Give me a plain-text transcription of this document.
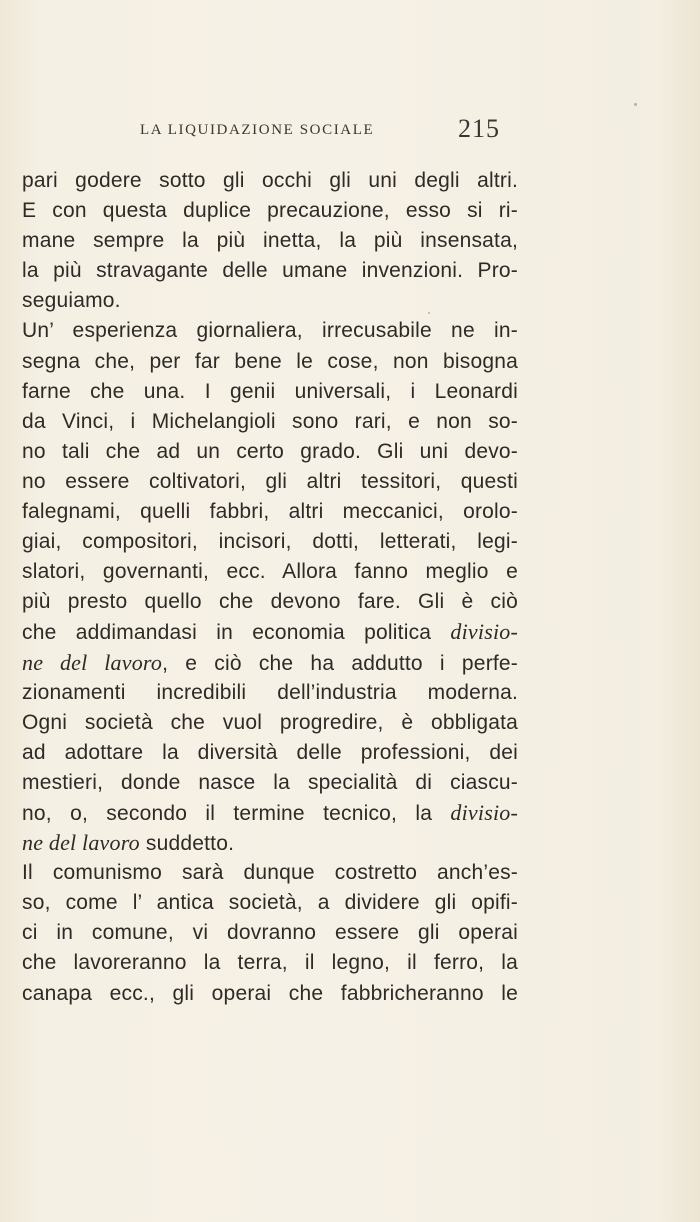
LA LIQUIDAZIONE SOCIALE	215
pari godere sotto gli occhi gli uni degli altri.
E con questa duplice precauzione, esso si ri-
mane sempre la più inetta, la più insensata,
la più stravagante delle umane invenzioni. Pro-
seguiamo.
Un’ esperienza giornaliera, irrecusabile ne in-
segna che, per far bene le cose, non bisogna
farne che una. I genii universali, i Leonardi
da Vinci, i Michelangioli sono rari, e non so-
no tali che ad un certo grado. Gli uni devo-
no essere coltivatori, gli altri tessitori, questi
falegnami, quelli fabbri, altri meccanici, orolo-
giai, compositori, incisori, dotti, letterati, legi-
slatori, governanti, ecc. Allora fanno meglio e
più presto quello che devono fare. Gli è ciò
che addimandasi in economia politica divisio-
ne del lavoro, e ciò che ha addutto i perfe-
zionamenti incredibili dell’industria moderna.
Ogni società che vuol progredire, è obbligata
ad adottare la diversità delle professioni, dei
mestieri, donde nasce la specialità di ciascu-
no, o, secondo il termine tecnico, la divisio-
ne del lavoro suddetto.
Il comunismo sarà dunque costretto anch’es-
so, come l’ antica società, a dividere gli opifi-
ci in comune, vi dovranno essere gli operai
che lavoreranno la terra, il legno, il ferro, la
canapa ecc., gli operai che fabbricheranno le
